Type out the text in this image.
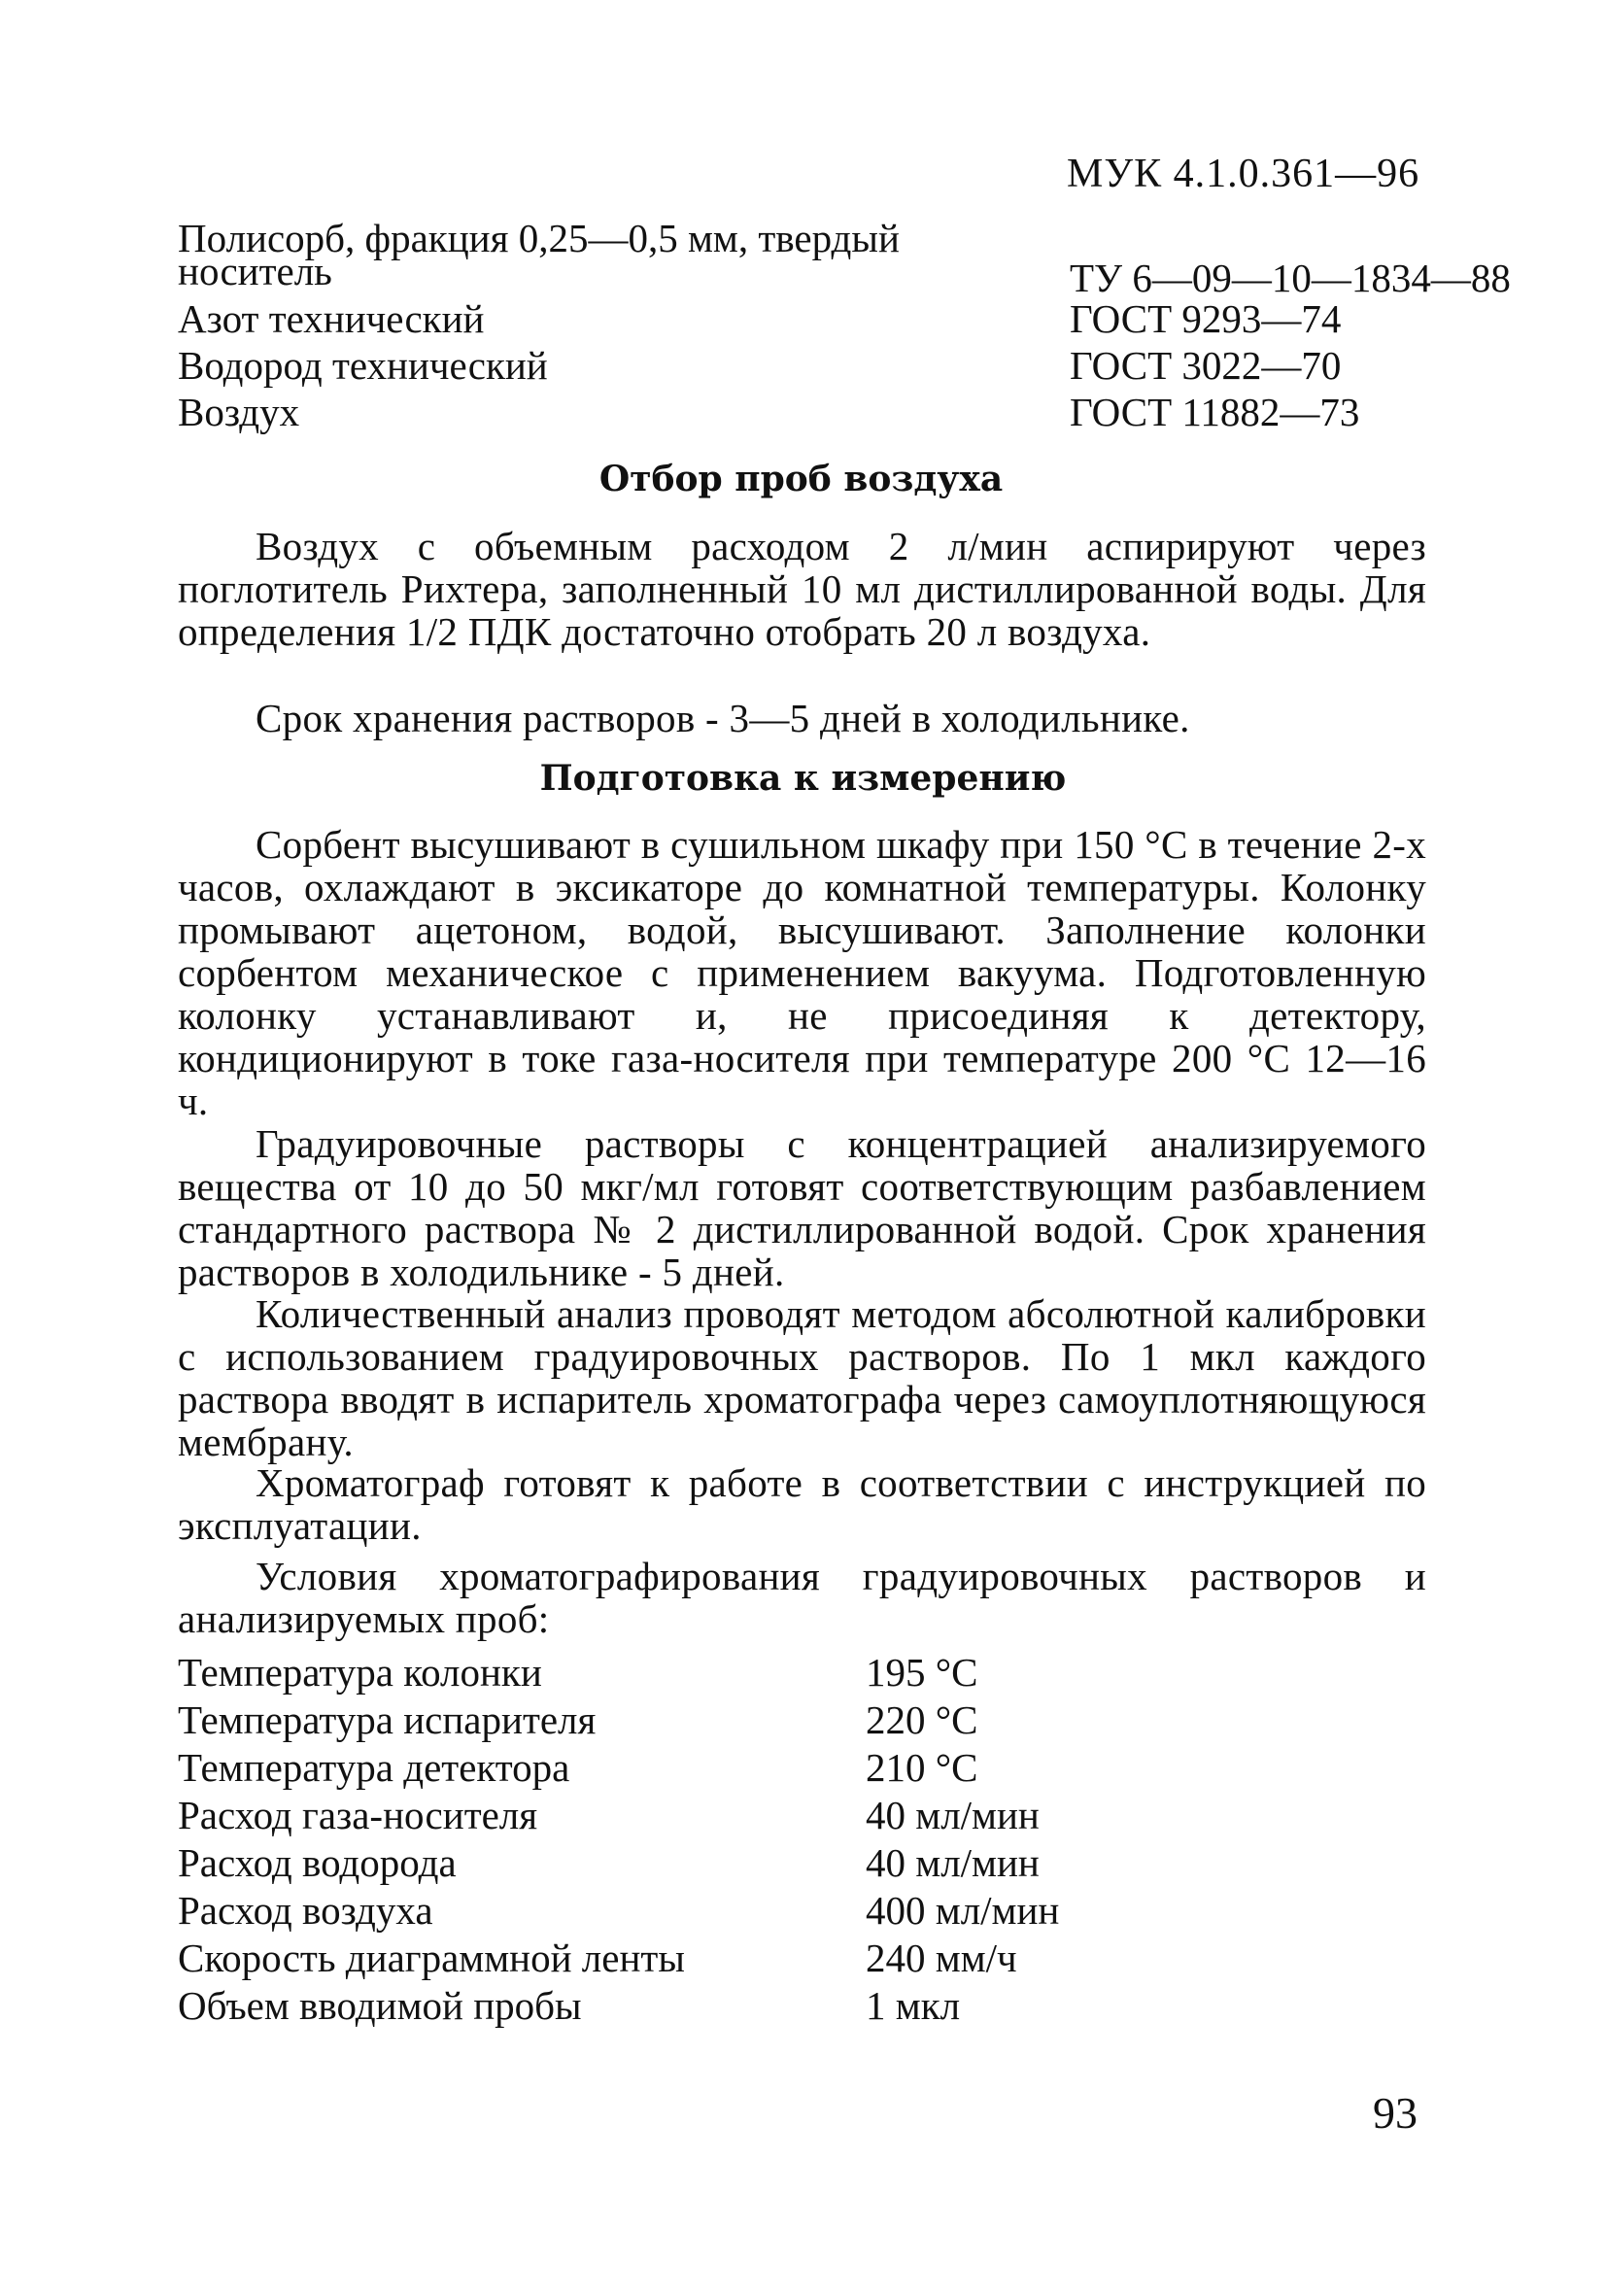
МУК 4.1.0.361—96
Полисорб, фракция 0,25—0,5 мм, твердый носитель	ТУ 6—09—10—1834—88
Азот технический	ГОСТ 9293—74
Водород технический	ГОСТ 3022—70
Воздух	ГОСТ 11882—73
Отбор проб воздуха

Воздух с объемным расходом 2 л/мин аспирируют через поглотитель Рихтера, заполненный 10 мл дистиллированной воды. Для определения 1/2 ПДК достаточно отобрать 20 л воздуха.

Срок хранения растворов - 3—5 дней в холодильнике.

Подготовка к измерению

Сорбент высушивают в сушильном шкафу при 150 °С в течение 2-х часов, охлаждают в эксикаторе до комнатной температуры. Колонку промывают ацетоном, водой, высушивают. Заполнение колонки сорбентом механическое с применением вакуума. Подготовленную колонку устанавливают и, не присоединяя к детектору, кондиционируют в токе газа-носителя при температуре 200 °С 12—16 ч.

Градуировочные растворы с концентрацией анализируемого вещества от 10 до 50 мкг/мл готовят соответствующим разбавлением стандартного раствора № 2 дистиллированной водой. Срок хранения растворов в холодильнике - 5 дней.

Количественный анализ проводят методом абсолютной калибровки с использованием градуировочных растворов. По 1 мкл каждого раствора вводят в испаритель хроматографа через самоуплотняющуюся мембрану.

Хроматограф готовят к работе в соответствии с инструкцией по эксплуатации.

Условия хроматографирования градуировочных растворов и анализируемых проб:

Температура колонки	195 °С
Температура испарителя	220 °С
Температура детектора	210 °С
Расход газа-носителя	40 мл/мин
Расход водорода	40 мл/мин
Расход воздуха	400 мл/мин
Скорость диаграммной ленты	240 мм/ч
Объем вводимой пробы	1 мкл
93
